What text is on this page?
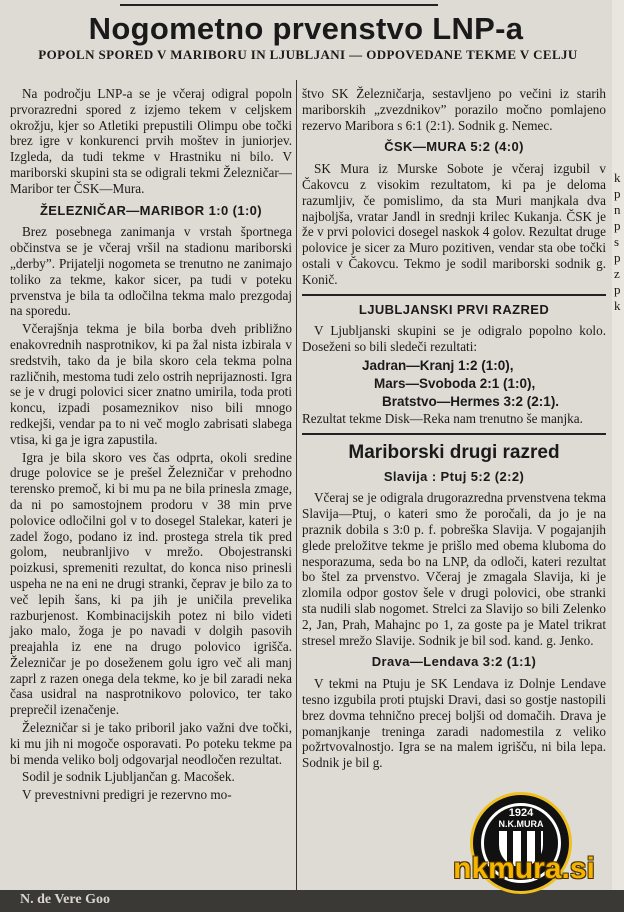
Nogometno prvenstvo LNP-a
POPOLN SPORED V MARIBORU IN LJUBLJANI — ODPOVEDANE TEKME V CELJU

Na področju LNP-a se je včeraj odigral popoln prvorazredni spored z izjemo tekem v celjskem okrožju, kjer so Atletiki prepustili Olimpu obe točki brez igre v konkurenci prvih moštev in juniorjev. Izgleda, da tudi tekme v Hrastniku ni bilo. V mariborski skupini sta se odigrali tekmi Železničar—Maribor ter ČSK—Mura.

ŽELEZNIČAR—MARIBOR 1:0 (1:0)

Brez posebnega zanimanja v vrstah športnega občinstva se je včeraj vršil na stadionu mariborski „derby”. Prijatelji nogometa se trenutno ne zanimajo toliko za tekme, kakor sicer, pa tudi v poteku prvenstva je bila ta odločilna tekma malo prezgodaj na sporedu.

Včerajšnja tekma je bila borba dveh približno enakovrednih nasprotnikov, ki pa žal nista izbirala v sredstvih, tako da je bila skoro cela tekma polna različnih, mestoma tudi zelo ostrih neprijaznosti. Igra se je v drugi polovici sicer znatno umirila, toda proti koncu, izpadi posameznikov niso bili mnogo redkejši, vendar pa to ni več moglo zabrisati slabega vtisa, ki ga je igra zapustila.

Igra je bila skoro ves čas odprta, okoli sredine druge polovice se je prešel Železničar v prehodno terensko premoč, ki bi mu pa ne bila prinesla zmage, da ni po samostojnem prodoru v 38 min prve polovice odločilni gol v to dosegel Stalekar, kateri je zadel žogo, podano iz ind. prostega strela tik pred golom, neubranljivo v mrežo. Obojestranski poizkusi, spremeniti rezultat, do konca niso prinesli uspeha ne na eni ne drugi stranki, čeprav je bilo za to več lepih šans, ki pa jih je uničila prevelika razburjenost. Kombinacijskih potez ni bilo videti jako malo, žoga je po navadi v dolgih pasovih preajahla iz ene na drugo polovico igrišča. Železničar je po doseženem golu igro več ali manj zaprl z razen onega dela tekme, ko je bil zaradi neka časa usidral na nasprotnikovo polovico, ter tako preprečil izenačenje.

Železničar si je tako priboril jako važni dve točki, ki mu jih ni mogoče osporavati. Po poteku tekme pa bi menda veliko bolj odgovarjal neodločen rezultat.

Sodil je sodnik Ljubljančan g. Macošek.

V prevestnivni predigri je rezervno mo-

štvo SK Železničarja, sestavljeno po večini iz starih mariborskih „zvezdnikov” porazilo močno pomlajeno rezervo Maribora s 6:1 (2:1). Sodnik g. Nemec.

ČSK—MURA 5:2 (4:0)

SK Mura iz Murske Sobote je včeraj izgubil v Čakovcu z visokim rezultatom, ki pa je deloma razumljiv, če pomislimo, da sta Muri manjkala dva najboljša, vratar Jandl in srednji krilec Kukanja. ČSK je že v prvi polovici dosegel naskok 4 golov. Rezultat druge polovice je sicer za Muro pozitiven, vendar sta obe točki ostali v Čakovcu. Tekmo je sodil mariborski sodnik g. Konič.

LJUBLJANSKI PRVI RAZRED

V Ljubljanski skupini se je odigralo popolno kolo. Doseženi so bili sledeči rezultati:

Jadran—Kranj 1:2 (1:0),
Mars—Svoboda 2:1 (1:0),
Bratstvo—Hermes 3:2 (2:1).

Rezultat tekme Disk—Reka nam trenutno še manjka.

Mariborski drugi razred
Slavija : Ptuj 5:2 (2:2)

Včeraj se je odigrala drugorazredna prvenstvena tekma Slavija—Ptuj, o kateri smo že poročali, da jo je na praznik dobila s 3:0 p. f. pobreška Slavija. V pogajanjih glede preložitve tekme je prišlo med obema kluboma do nesporazuma, seda bo na LNP, da odloči, kateri rezultat bo štel za prvenstvo. Včeraj je zmagala Slavija, ki je zlomila odpor gostov šele v drugi polovici, obe stranki sta nudili slab nogomet. Strelci za Slavijo so bili Zelenko 2, Jan, Prah, Mahajnc po 1, za goste pa je Matel trikrat stresel mrežo Slavije. Sodnik je bil sod. kand. g. Jenko.

Drava—Lendava 3:2 (1:1)

V tekmi na Ptuju je SK Lendava iz Dolnje Lendave tesno izgubila proti ptujski Dravi, dasi so gostje nastopili brez dovma tehnično precej boljši od domačih. Drava je pomanjkanje treninga zaradi nadomestila z veliko požrtvovalnostjo. Igra se na malem igrišču, ni bila lepa. Sodnik je bil g.

k
p
n
p
s
p
z
p
k
N. de Vere Goo
1924
N.K.MURA
nkmura.si
